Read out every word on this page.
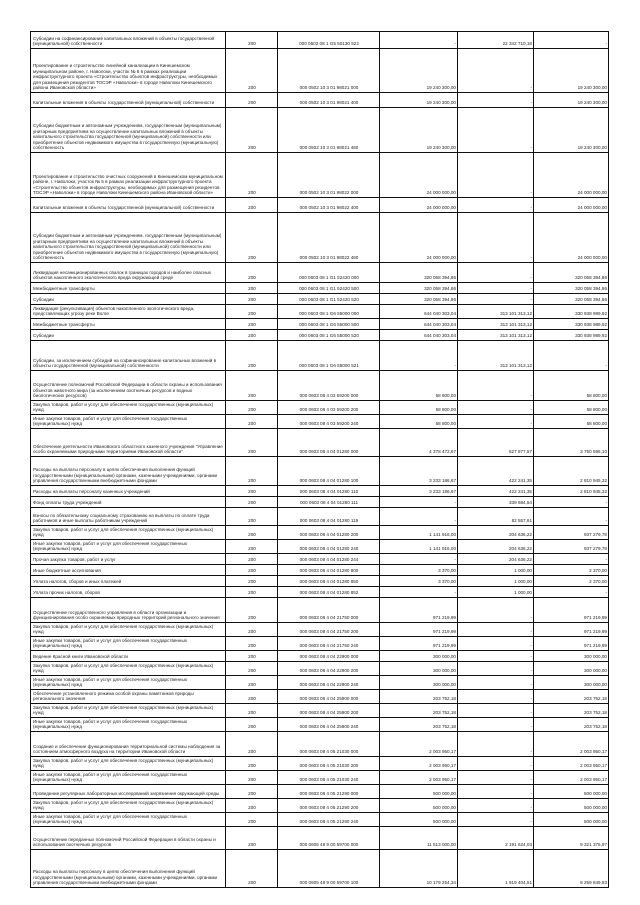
Субсидии на софинансирование капитальных вложений в объекты государственной (муниципальной) собственности	200	000 0502 08 1 G5 50130 522	-	22 342 710,18	-
Проектирование и строительство линейной канализации в Кинешемском муниципальном районе, г. Наволоки, участок № 6 в рамках реализации инфраструктурного проекта «Строительство объектов инфраструктуры, необходимых для размещения резидентов ТОСЭР «Наволоки» в городе Наволоки Кинешемского района Ивановской области»	200	000 0502 10 3 01 98021 000	19 240 300,00	-	19 240 300,00
Капитальные вложения в объекты государственной (муниципальной) собственности	200	000 0502 10 3 01 98021 400	19 240 300,00	-	19 240 300,00
Субсидии бюджетным и автономным учреждениям, государственным (муниципальным) унитарным предприятиям на осуществление капитальных вложений в объекты капитального строительства государственной (муниципальной) собственности или приобретение объектов недвижимого имущества в государственную (муниципальную) собственность	200	000 0502 10 3 01 98021 460	19 240 300,00	-	19 240 300,00
Проектирование и строительство очистных сооружений в Кинешемском муниципальном районе, г. Наволоки, участок № 5 в рамках реализации инфраструктурного проекта «Строительство объектов инфраструктуры, необходимых для размещения резидентов ТОСЭР «Наволоки» в городе Наволоки Кинешемского района Ивановской области»	200	000 0502 10 3 01 98022 000	24 000 000,00	-	24 000 000,00
Капитальные вложения в объекты государственной (муниципальной) собственности	200	000 0502 10 3 01 98022 400	24 000 000,00	-	24 000 000,00
Субсидии бюджетным и автономным учреждениям, государственным (муниципальным) унитарным предприятиям на осуществление капитальных вложений в объекты капитального строительства государственной (муниципальной) собственности или приобретение объектов недвижимого имущества в государственную (муниципальную) собственность	200	000 0502 10 3 01 98022 460	24 000 000,00	-	24 000 000,00
Ликвидация несанкционированных свалок в границах городов и наиболее опасных объектов накопленного экологического вреда окружающей среде	200	000 0603 08 1 G1 52420 000	320 058 394,86	-	320 058 394,86
Межбюджетные трансферты	200	000 0603 08 1 G1 52420 500	320 058 394,86	-	320 058 394,86
Субсидии	200	000 0603 08 1 G1 52420 520	320 058 394,86	-	320 058 394,86
Ликвидация (рекультивация) объектов накопленного экологического вреда, представляющих угрозу реке Волге	200	000 0603 08 1 G6 55000 000	644 040 303,04	313 101 313,12	330 938 989,92
Межбюджетные трансферты	200	000 0603 08 1 G6 55000 500	644 040 303,04	313 101 313,12	330 938 989,92
Субсидии	200	000 0603 08 1 G6 55000 520	644 040 303,04	313 101 313,12	330 938 989,92
Субсидии, за исключением субсидий на софинансирование капитальных вложений в объекты государственной (муниципальной) собственности	200	000 0603 08 1 G6 55000 521	-	313 101 313,12	-
Осуществление полномочий Российской Федерации в области охраны и использования объектов животного мира (за исключением охотничьих ресурсов и водных биологических ресурсов)	200	000 0603 08 4 03 59200 000	58 800,00	-	58 800,00
Закупка товаров, работ и услуг для обеспечения государственных (муниципальных) нужд	200	000 0603 08 4 03 59200 200	58 800,00	-	58 800,00
Иные закупки товаров, работ и услуг для обеспечения государственных (муниципальных) нужд	200	000 0603 08 4 03 59200 240	58 800,00	-	58 800,00
Обеспечение деятельности Ивановского областного казенного учреждения "Управление особо охраняемыми природными территориями Ивановской области"	200	000 0603 08 4 04 01280 000	4 378 472,67	627 877,57	3 750 595,10
Расходы на выплаты персоналу в целях обеспечения выполнения функций государственными (муниципальными) органами, казенными учреждениями, органами управления государственными внебюджетными фондами	200	000 0603 08 4 04 01280 100	3 233 186,67	422 241,35	2 810 945,32
Расходы на выплаты персоналу казенных учреждений	200	000 0603 08 4 04 01280 110	3 233 186,67	422 241,35	2 810 945,32
Фонд оплаты труда учреждений	200	000 0603 08 4 04 01280 111	-	339 684,54	-
Взносы по обязательному социальному страхованию на выплаты по оплате труда работников и иные выплаты работникам учреждений	200	000 0603 08 4 04 01280 119	-	82 557,61	-
Закупка товаров, работ и услуг для обеспечения государственных (муниципальных) нужд	200	000 0603 08 4 04 01280 200	1 141 916,00	204 636,22	937 279,78
Иные закупки товаров, работ и услуг для обеспечения государственных (муниципальных) нужд	200	000 0603 08 4 04 01280 240	1 141 916,00	204 636,22	937 279,78
Прочая закупка товаров, работ и услуг	200	000 0603 08 4 04 01280 244	-	204 636,22	-
Иные бюджетные ассигнования	200	000 0603 08 4 04 01280 800	3 370,00	1 000,00	2 370,00
Уплата налогов, сборов и иных платежей	200	000 0603 08 4 04 01280 850	3 370,00	1 000,00	2 370,00
Уплата прочих налогов, сборов	200	000 0603 08 4 04 01280 852	-	1 000,00	-
Осуществление государственного управления в области организации и функционирования особо охраняемых природных территорий регионального значения	200	000 0603 08 4 04 21750 000	971 219,99	-	971 219,99
Закупка товаров, работ и услуг для обеспечения государственных (муниципальных) нужд	200	000 0603 08 4 04 21750 200	971 219,99	-	971 219,99
Иные закупки товаров, работ и услуг для обеспечения государственных (муниципальных) нужд	200	000 0603 08 4 04 21750 240	971 219,99	-	971 219,99
Ведение Красной книги Ивановской области	200	000 0603 08 4 04 22900 000	300 000,00	-	300 000,00
Закупка товаров, работ и услуг для обеспечения государственных (муниципальных) нужд	200	000 0603 08 4 04 22900 200	300 000,00	-	300 000,00
Иные закупки товаров, работ и услуг для обеспечения государственных (муниципальных) нужд	200	000 0603 08 4 04 22900 240	300 000,00	-	300 000,00
Обеспечение установленного режима особой охраны памятников природы регионального значения	200	000 0603 08 4 04 25900 000	203 752,18	-	203 752,18
Закупка товаров, работ и услуг для обеспечения государственных (муниципальных) нужд	200	000 0603 08 4 04 25900 200	203 752,18	-	203 752,18
Иные закупки товаров, работ и услуг для обеспечения государственных (муниципальных) нужд	200	000 0603 08 4 04 25900 240	203 752,18	-	203 752,18
Создание и обеспечение функционирования территориальной системы наблюдения за состоянием атмосферного воздуха на территории Ивановской области	200	000 0603 08 4 05 21030 000	2 003 950,17	-	2 003 950,17
Закупка товаров, работ и услуг для обеспечения государственных (муниципальных) нужд	200	000 0603 08 4 05 21030 200	2 003 950,17	-	2 003 950,17
Иные закупки товаров, работ и услуг для обеспечения государственных (муниципальных) нужд	200	000 0603 08 4 05 21030 240	2 003 950,17	-	2 003 950,17
Проведение регулярных лабораторных исследований загрязнения окружающей среды	200	000 0603 08 4 05 21290 000	500 000,00	-	500 000,00
Закупка товаров, работ и услуг для обеспечения государственных (муниципальных) нужд	200	000 0603 08 4 05 21290 200	500 000,00	-	500 000,00
Иные закупки товаров, работ и услуг для обеспечения государственных (муниципальных) нужд	200	000 0603 08 4 05 21290 240	500 000,00	-	500 000,00
Осуществление переданных полномочий Российской Федерации в области охраны и использования охотничьих ресурсов	200	000 0605 48 9 00 59700 000	11 513 000,00	2 191 624,03	9 321 375,97
Расходы на выплаты персоналу в целях обеспечения выполнения функций государственными (муниципальными) органами, казенными учреждениями, органами управления государственными внебюджетными фондами	200	000 0605 48 9 00 59700 100	10 179 254,34	1 919 404,51	8 259 849,83
